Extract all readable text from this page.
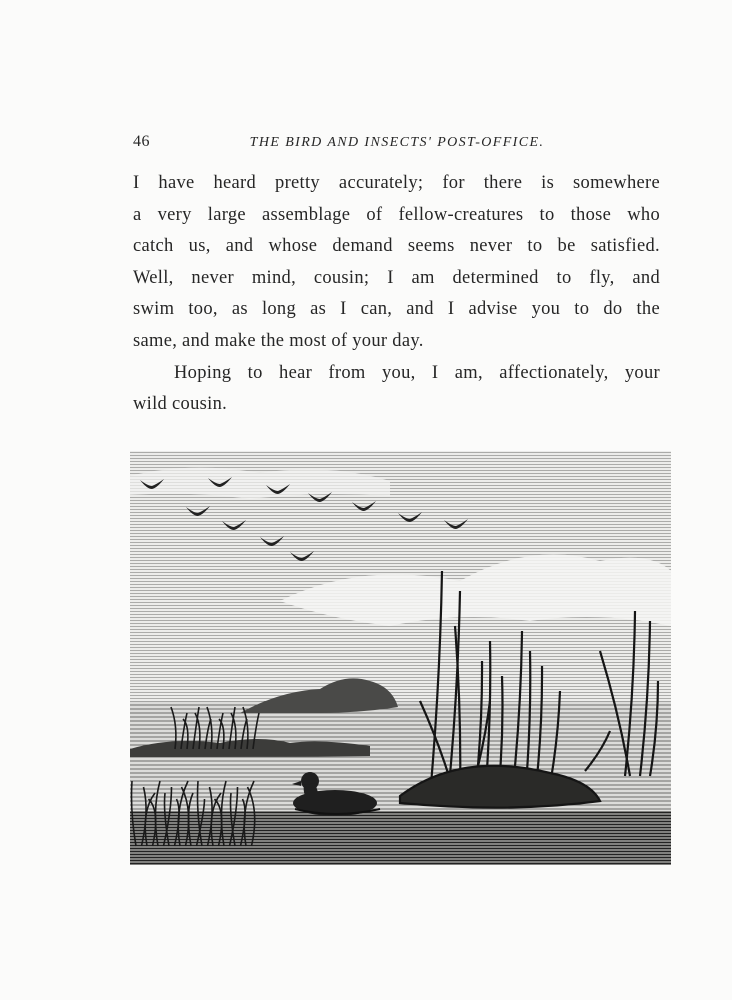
46	THE BIRD AND INSECTS' POST-OFFICE.
I have heard pretty accurately; for there is somewhere
a very large assemblage of fellow-creatures to those who
catch us, and whose demand seems never to be satisfied.
Well, never mind, cousin; I am determined to fly, and
swim too, as long as I can, and I advise you to do the
same, and make the most of your day.
Hoping to hear from you, I am, affectionately, your
wild cousin.
